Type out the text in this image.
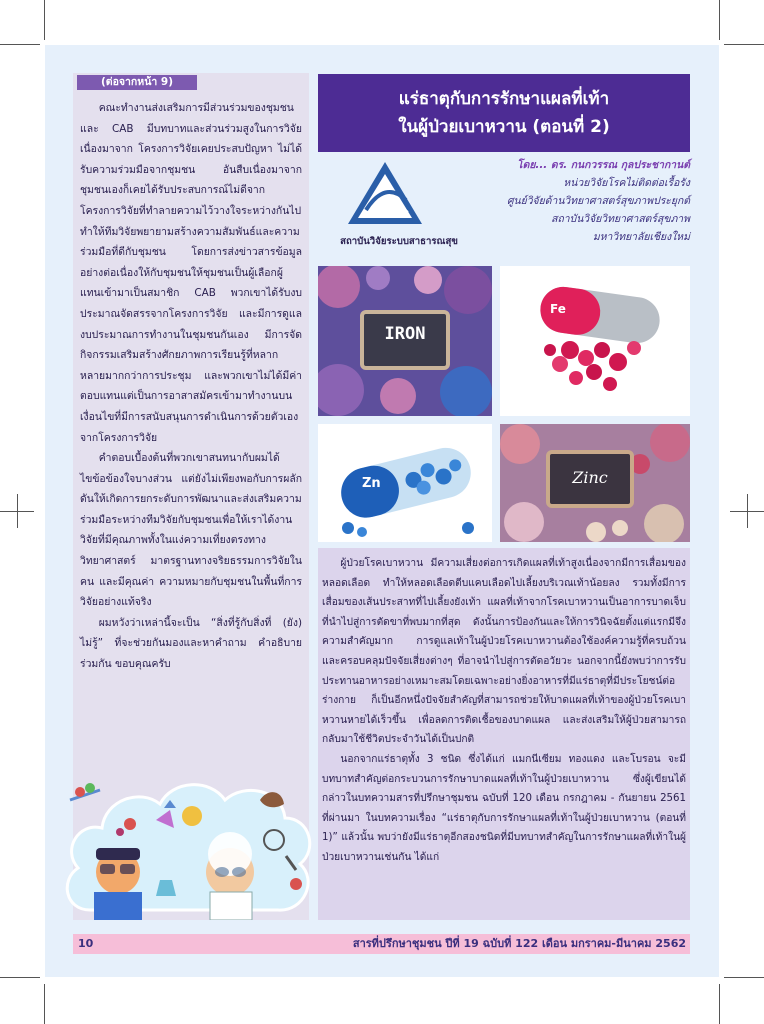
(ต่อจากหน้า 9)

คณะทำงานส่งเสริมการมีส่วนร่วมของชุมชน และ CAB มีบทบาทและส่วนร่วมสูงในการวิจัย เนื่องมาจาก โครงการวิจัยเคยประสบปัญหา ไม่ได้รับความร่วมมือจากชุมชน อันสืบเนื่องมาจากชุมชนเองก็เคยได้รับประสบการณ์ไม่ดีจากโครงการวิจัยที่ทำลายความไว้วางใจระหว่างกันไป ทำให้ทีมวิจัยพยายามสร้างความสัมพันธ์และความร่วมมือที่ดีกับชุมชน โดยการส่งข่าวสารข้อมูลอย่างต่อเนื่องให้กับชุมชนให้ชุมชนเป็นผู้เลือกผู้แทนเข้ามาเป็นสมาชิก CAB พวกเขาได้รับงบประมาณจัดสรรจากโครงการวิจัย และมีการดูแลงบประมาณการทำงานในชุมชนกันเอง มีการจัดกิจกรรมเสริมสร้างศักยภาพการเรียนรู้ที่หลากหลายมากกว่าการประชุม และพวกเขาไม่ได้มีค่าตอบแทนแต่เป็นการอาสาสมัครเข้ามาทำงานบนเงื่อนไขที่มีการสนับสนุนการดำเนินการด้วยตัวเองจากโครงการวิจัย

คำตอบเบื้องต้นที่พวกเขาสนทนากับผมได้ไขข้อข้องใจบางส่วน แต่ยังไม่เพียงพอกับการผลักดันให้เกิดการยกระดับการพัฒนาและส่งเสริมความร่วมมือระหว่างทีมวิจัยกับชุมชนเพื่อให้เราได้งานวิจัยที่มีคุณภาพทั้งในแง่ความเที่ยงตรงทางวิทยาศาสตร์ มาตรฐานทางจริยธรรมการวิจัยในคน และมีคุณค่า ความหมายกับชุมชนในพื้นที่การวิจัยอย่างแท้จริง

ผมหวังว่าเหล่านี้จะเป็น “สิ่งที่รู้กับสิ่งที่ (ยัง) ไม่รู้” ที่จะช่วยกันมองและหาคำถาม คำอธิบายร่วมกัน ขอบคุณครับ

แร่ธาตุกับการรักษาแผลที่เท้า
ในผู้ป่วยเบาหวาน (ตอนที่ 2)
สถาบันวิจัยระบบสาธารณสุข
โดย... ดร. กนกวรรณ กุลประชากานต์
หน่วยวิจัยโรคไม่ติดต่อเรื้อรัง
ศูนย์วิจัยด้านวิทยาศาสตร์สุขภาพประยุกต์
สถาบันวิจัยวิทยาศาสตร์สุขภาพ
มหาวิทยาลัยเชียงใหม่
IRON
Fe
Zn	Zinc

ผู้ป่วยโรคเบาหวาน มีความเสี่ยงต่อการเกิดแผลที่เท้าสูงเนื่องจากมีการเสื่อมของหลอดเลือด ทำให้หลอดเลือดตีบแคบเลือดไปเลี้ยงบริเวณเท้าน้อยลง รวมทั้งมีการเสื่อมของเส้นประสาทที่ไปเลี้ยงยังเท้า แผลที่เท้าจากโรคเบาหวานเป็นอาการบาดเจ็บที่นำไปสู่การตัดขาที่พบมากที่สุด ดังนั้นการป้องกันและให้การวินิจฉัยตั้งแต่แรกมีจึงความสำคัญมาก การดูแลเท้าในผู้ป่วยโรคเบาหวานต้องใช้องค์ความรู้ที่ครบถ้วน และครอบคลุมปัจจัยเสี่ยงต่างๆ ที่อาจนำไปสู่การตัดอวัยวะ นอกจากนี้ยังพบว่าการรับประทานอาหารอย่างเหมาะสมโดยเฉพาะอย่างยิ่งอาหารที่มีแร่ธาตุที่มีประโยชน์ต่อร่างกาย ก็เป็นอีกหนึ่งปัจจัยสำคัญที่สามารถช่วยให้บาดแผลที่เท้าของผู้ป่วยโรคเบาหวานหายได้เร็วขึ้น เพื่อลดการติดเชื้อของบาดแผล และส่งเสริมให้ผู้ป่วยสามารถกลับมาใช้ชีวิตประจำวันได้เป็นปกติ

นอกจากแร่ธาตุทั้ง 3 ชนิด ซึ่งได้แก่ แมกนีเซียม ทองแดง และโบรอน จะมีบทบาทสำคัญต่อกระบวนการรักษาบาดแผลที่เท้าในผู้ป่วยเบาหวาน ซึ่งผู้เขียนได้กล่าวในบทความสารที่ปรึกษาชุมชน ฉบับที่ 120 เดือน กรกฎาคม - กันยายน 2561 ที่ผ่านมา ในบทความเรื่อง “แร่ธาตุกับการรักษาแผลที่เท้าในผู้ป่วยเบาหวาน (ตอนที่ 1)” แล้วนั้น พบว่ายังมีแร่ธาตุอีกสองชนิดที่มีบทบาทสำคัญในการรักษาแผลที่เท้าในผู้ป่วยเบาหวานเช่นกัน ได้แก่

10	สารที่ปรึกษาชุมชน ปีที่ 19 ฉบับที่ 122 เดือน มกราคม-มีนาคม 2562
